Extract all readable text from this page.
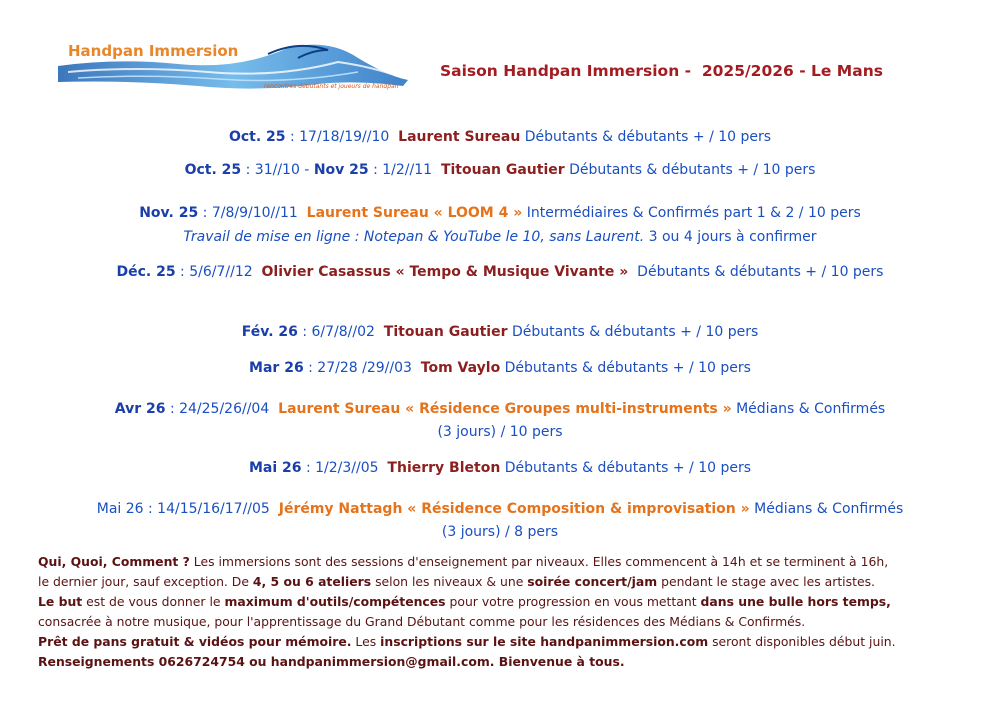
Handpan Immersion
rencontres débutants et joueurs de handpan
Saison Handpan Immersion -  2025/2026 - Le Mans
Oct. 25 : 17/18/19//10  Laurent Sureau Débutants & débutants + / 10 pers
Oct. 25 : 31//10 - Nov 25 : 1/2//11  Titouan Gautier Débutants & débutants + / 10 pers
Nov. 25 : 7/8/9/10//11  Laurent Sureau « LOOM 4 » Intermédiaires & Confirmés part 1 & 2 / 10 pers
Travail de mise en ligne : Notepan & YouTube le 10, sans Laurent. 3 ou 4 jours à confirmer
Déc. 25 : 5/6/7//12  Olivier Casassus « Tempo & Musique Vivante »  Débutants & débutants + / 10 pers
Fév. 26 : 6/7/8//02  Titouan Gautier Débutants & débutants + / 10 pers
Mar 26 : 27/28 /29//03  Tom Vaylo Débutants & débutants + / 10 pers
Avr 26 : 24/25/26//04  Laurent Sureau « Résidence Groupes multi-instruments » Médians & Confirmés
(3 jours) / 10 pers
Mai 26 : 1/2/3//05  Thierry Bleton Débutants & débutants + / 10 pers
Mai 26 : 14/15/16/17//05  Jérémy Nattagh « Résidence Composition & improvisation » Médians & Confirmés
(3 jours) / 8 pers
Qui, Quoi, Comment ? Les immersions sont des sessions d'enseignement par niveaux. Elles commencent à 14h et se terminent à 16h,
le dernier jour, sauf exception. De 4, 5 ou 6 ateliers selon les niveaux & une soirée concert/jam pendant le stage avec les artistes.
Le but est de vous donner le maximum d'outils/compétences pour votre progression en vous mettant dans une bulle hors temps,
consacrée à notre musique, pour l'apprentissage du Grand Débutant comme pour les résidences des Médians & Confirmés.
Prêt de pans gratuit & vidéos pour mémoire. Les inscriptions sur le site handpanimmersion.com seront disponibles début juin.
Renseignements 0626724754 ou handpanimmersion@gmail.com. Bienvenue à tous.
